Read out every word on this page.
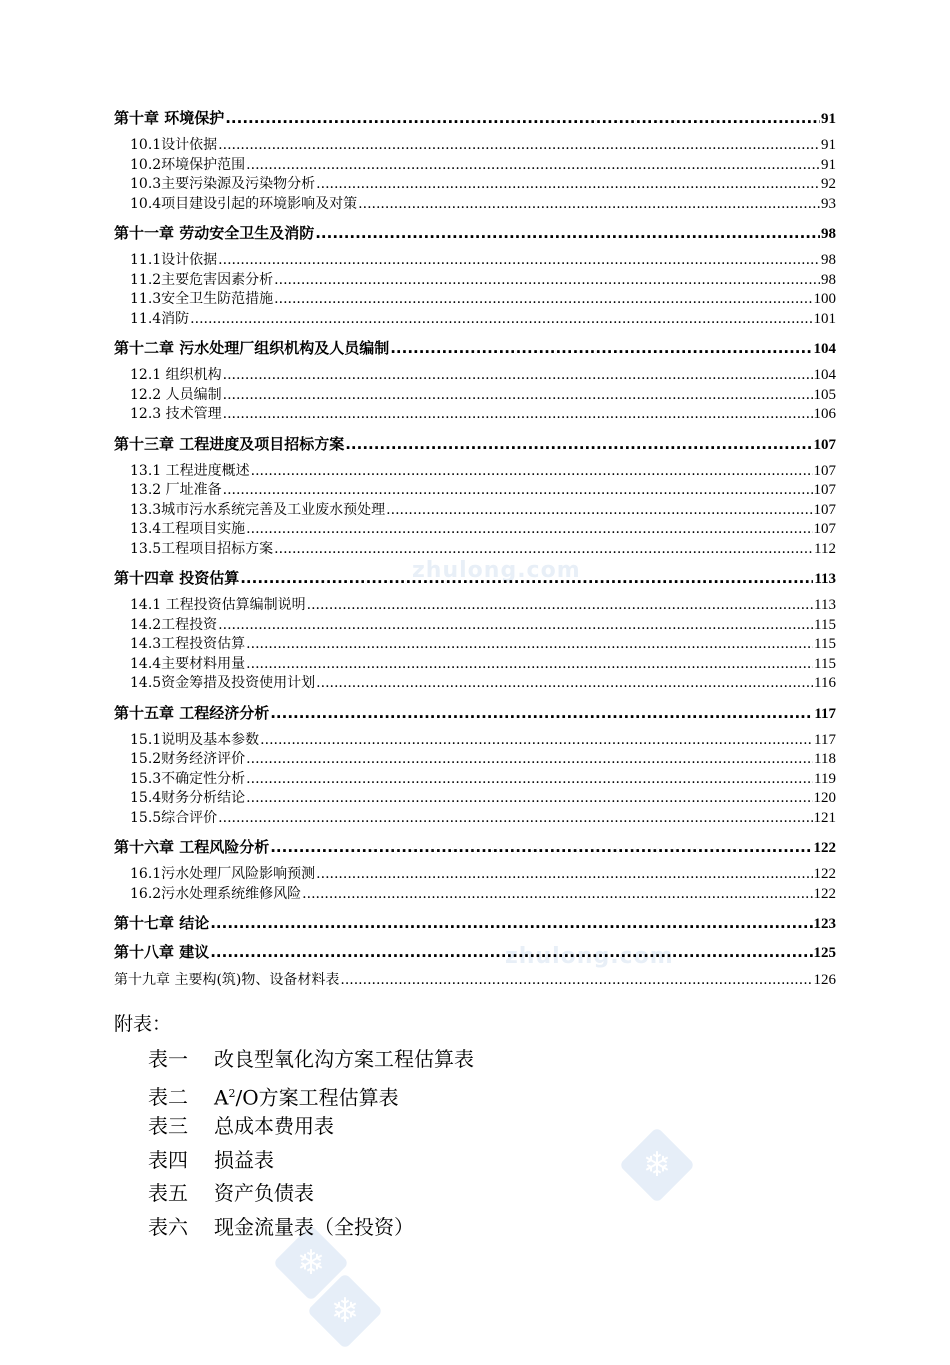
zhulong.com
zhulong.com
❄
❄
❄
第十章 环境保护 .....	91
10.1设计依据 .....	91
10.2环境保护范围 .....	91
10.3主要污染源及污染物分析 .....	92
10.4项目建设引起的环境影响及对策 .....	93
第十一章 劳动安全卫生及消防 .....	98
11.1设计依据 .....	98
11.2主要危害因素分析 .....	98
11.3安全卫生防范措施 .....	100
11.4消防 .....	101
第十二章 污水处理厂组织机构及人员编制 .....	104
12.1 组织机构 .....	104
12.2 人员编制 .....	105
12.3 技术管理 .....	106
第十三章 工程进度及项目招标方案 .....	107
13.1 工程进度概述 .....	107
13.2 厂址准备 .....	107
13.3城市污水系统完善及工业废水预处理 .....	107
13.4工程项目实施 .....	107
13.5工程项目招标方案 .....	112
第十四章 投资估算 .....	113
14.1 工程投资估算编制说明 .....	113
14.2工程投资 .....	115
14.3工程投资估算 .....	115
14.4主要材料用量 .....	115
14.5资金筹措及投资使用计划 .....	116
第十五章 工程经济分析 .....	117
15.1说明及基本参数 .....	117
15.2财务经济评价 .....	118
15.3不确定性分析 .....	119
15.4财务分析结论 .....	120
15.5综合评价 .....	121
第十六章 工程风险分析 .....	122
16.1污水处理厂风险影响预测 .....	122
16.2污水处理系统维修风险 .....	122
第十七章 结论 .....	123
第十八章 建议 .....	125
第十九章 主要构(筑)物、设备材料表 .....	126
附表：
表一 改良型氧化沟方案工程估算表
表二 $A^2/O$方案工程估算表
表三 总成本费用表
表四 损益表
表五 资产负债表
表六 现金流量表（全投资）
